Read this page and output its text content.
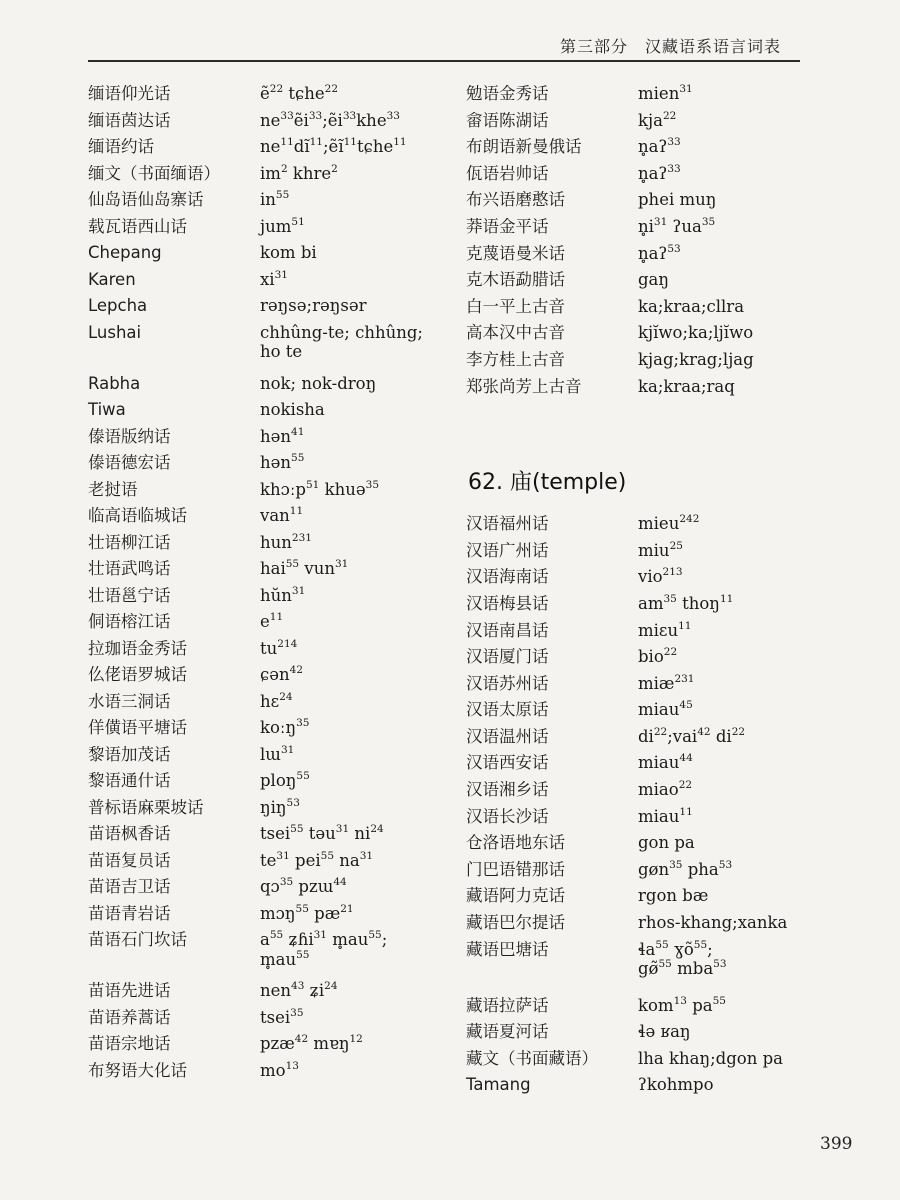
第三部分　汉藏语系语言词表
缅语仰光话	ẽ$^{22}$ tɕhe$^{22}$
缅语茵达话	$ne^{33}ẽi^{33};ẽi^{33}khe^{33}$
缅语约话	$ne^{11}dĩ^{11};ẽĩ^{11}tɕhe^{11}$
缅文（书面缅语）	$im^2$ khre$^2$
仙岛语仙岛寨话	$in^{55}$
载瓦语西山话	jum$^{51}$
Chepang	kom bi
Karen	$xi^{31}$
Lepcha	rəŋsə;rəŋsər
Lushai	chhûng-te; chhûng;
ho te
Rabha	nok; nok-droŋ
Tiwa	nokisha
傣语版纳话	hən$^{41}$
傣语德宏话	hən$^{55}$
老挝语	khɔːp$^{51}$ khuə$^{35}$
临高语临城话	van$^{11}$
壮语柳江话	hun$^{231}$
壮语武鸣话	hai$^{55}$ vun$^{31}$
壮语邕宁话	hŭn$^{31}$
侗语榕江话	$e^{11}$
拉珈语金秀话	$tu^{214}$
仫佬语罗城话	ɕən$^{42}$
水语三洞话	hɛ$^{24}$
佯僙语平塘话	koːŋ$^{35}$
黎语加茂话	lɯ$^{31}$
黎语通什话	ploŋ$^{55}$
普标语麻栗坡话	ŋiŋ$^{53}$
苗语枫香话	tsei$^{55}$ təu$^{31}$ $ni^{24}$
苗语复员话	$te^{31}$ pei$^{55}$ $na^{31}$
苗语吉卫话	qɔ$^{35}$ pzɯ$^{44}$
苗语青岩话	mɔŋ$^{55}$ $pæ^{21}$
苗语石门坎话	$a^{55}$ ʑɦi$^{31}$ $m̥au^{55}$;
$m̥au^{55}$
苗语先进话	nen$^{43}$ ʑi$^{24}$
苗语养蒿话	tsei$^{35}$
苗语宗地话	pzæ$^{42}$ mɐŋ$^{12}$
布努语大化话	$mo^{13}$
勉语金秀话	mien$^{31}$
畲语陈湖话	kja$^{22}$
布朗语新曼俄话	n̥aʔ$^{33}$
佤语岩帅话	n̥aʔ$^{33}$
布兴语磨憨话	phei muŋ
莽语金平话	$n̥i^{31}$ ʔua$^{35}$
克蔑语曼米话	n̥aʔ$^{53}$
克木语勐腊话	gaŋ
白一平上古音	ka;kraa;cllra
高本汉中古音	kjĭwo;ka;ljĭwo
李方桂上古音	kjag;krag;ljag
郑张尚芳上古音	ka;kraa;raq
62. 庙(temple)
汉语福州话	mieu$^{242}$
汉语广州话	miu$^{25}$
汉语海南话	vio$^{213}$
汉语梅县话	$am^{35}$ thoŋ$^{11}$
汉语南昌话	miɛu$^{11}$
汉语厦门话	bio$^{22}$
汉语苏州话	miæ$^{231}$
汉语太原话	miau$^{45}$
汉语温州话	$di^{22};vai^{42}$ $di^{22}$
汉语西安话	miau$^{44}$
汉语湘乡话	miao$^{22}$
汉语长沙话	miau$^{11}$
仓洛语地东话	gon pa
门巴语错那话	gøn$^{35}$ pha$^{53}$
藏语阿力克话	rgon bæ
藏语巴尔提话	rhos-khang;xanka
藏语巴塘话	ɬa$^{55}$ ɣõ$^{55}$;
gø̃$^{55}$ mba$^{53}$
藏语拉萨话	kom$^{13}$ $pa^{55}$
藏语夏河话	ɬə ʁaŋ
藏文（书面藏语）	lha khaŋ;dgon pa
Tamang	ʔkohmpo
399
